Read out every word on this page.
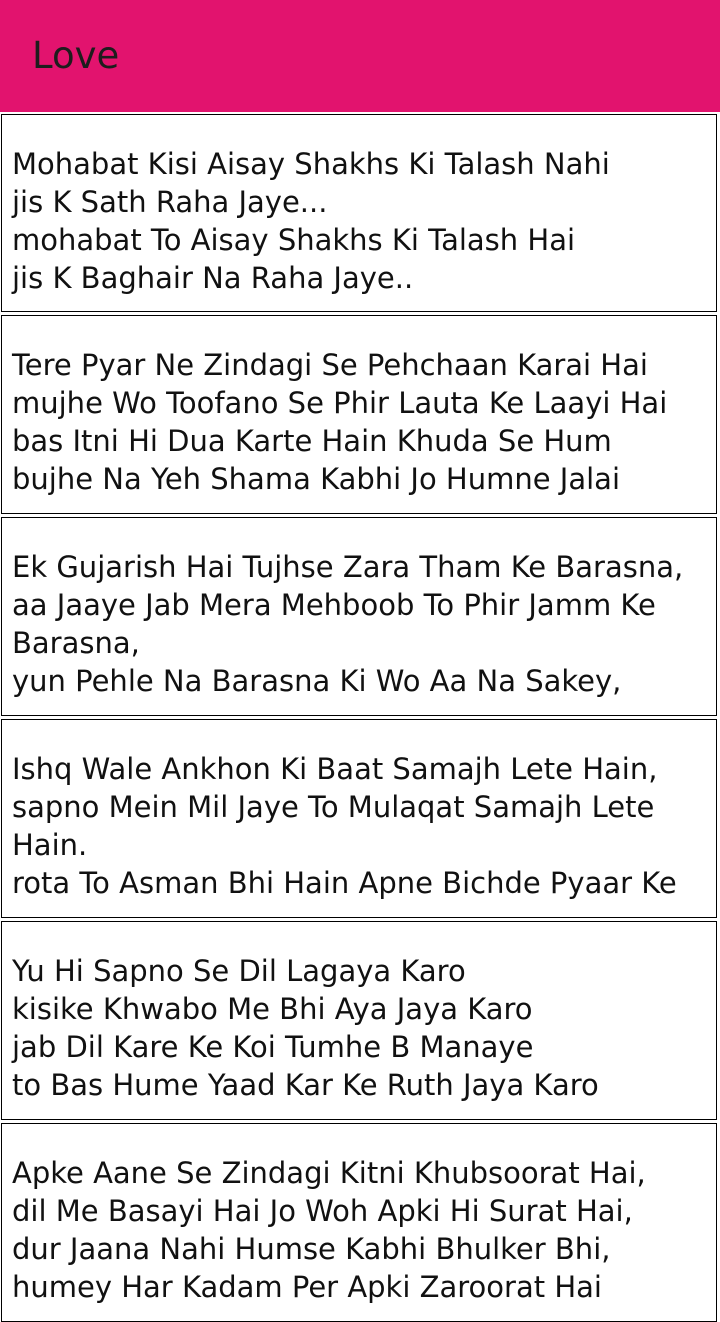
Love
Mohabat Kisi Aisay Shakhs Ki Talash Nahi
jis K Sath Raha Jaye...
mohabat To Aisay Shakhs Ki Talash Hai
jis K Baghair Na Raha Jaye..
Tere Pyar Ne Zindagi Se Pehchaan Karai Hai
mujhe Wo Toofano Se Phir Lauta Ke Laayi Hai
bas Itni Hi Dua Karte Hain Khuda Se Hum
bujhe Na Yeh Shama Kabhi Jo Humne Jalai
Ek Gujarish Hai Tujhse Zara Tham Ke Barasna,
aa Jaaye Jab Mera Mehboob To Phir Jamm Ke
Barasna,
yun Pehle Na Barasna Ki Wo Aa Na Sakey,
Ishq Wale Ankhon Ki Baat Samajh Lete Hain,
sapno Mein Mil Jaye To Mulaqat Samajh Lete
Hain.
rota To Asman Bhi Hain Apne Bichde Pyaar Ke
Yu Hi Sapno Se Dil Lagaya Karo
kisike Khwabo Me Bhi Aya Jaya Karo
jab Dil Kare Ke Koi Tumhe B Manaye
to Bas Hume Yaad Kar Ke Ruth Jaya Karo
Apke Aane Se Zindagi Kitni Khubsoorat Hai,
dil Me Basayi Hai Jo Woh Apki Hi Surat Hai,
dur Jaana Nahi Humse Kabhi Bhulker Bhi,
humey Har Kadam Per Apki Zaroorat Hai
